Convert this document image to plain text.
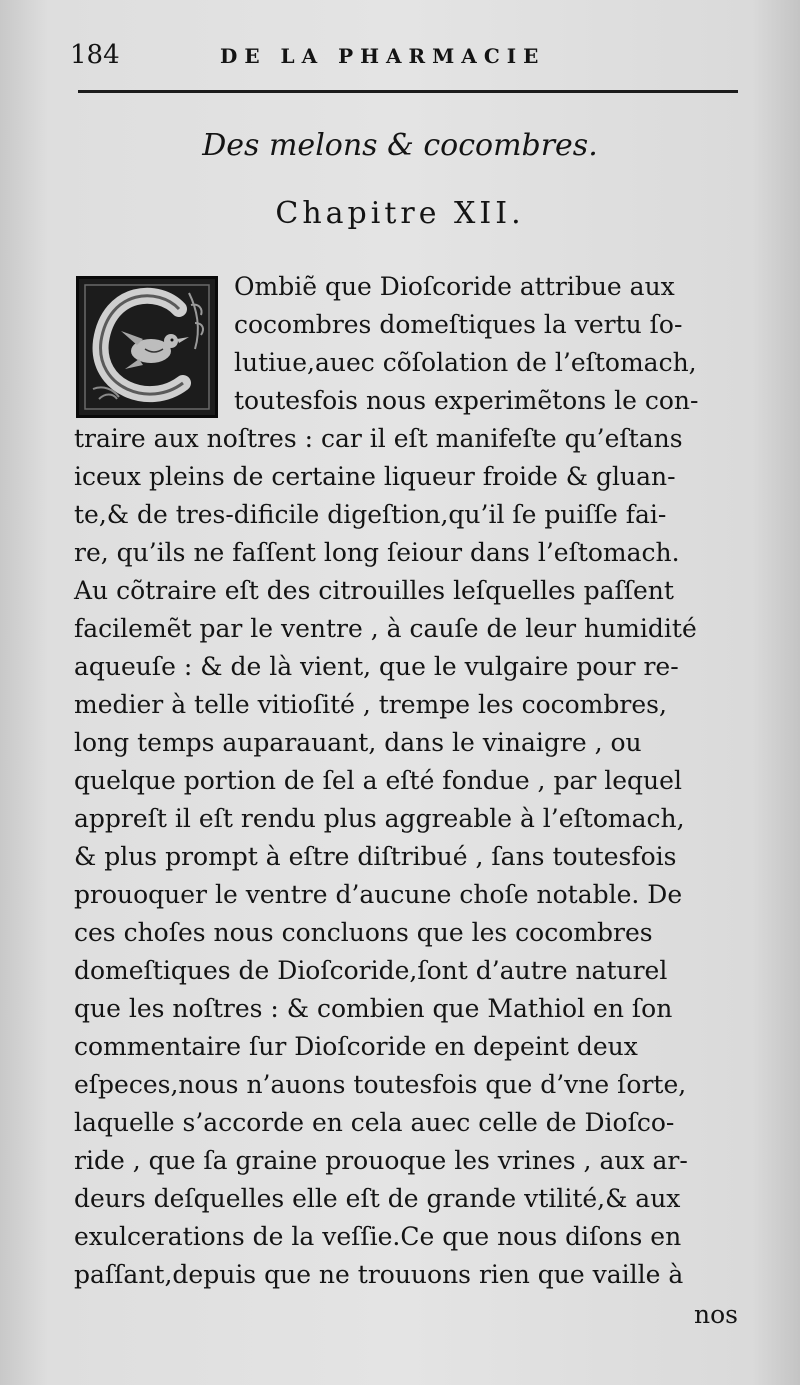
184	DE LA PHARMACIE
Des melons & cocombres.
Chapitre XII.
Ombiẽ que Dioſcoride attribue aux
cocombres domeſtiques la vertu ſo-
lutiue,auec cõſolation de l’eſtomach,
toutesfois nous experimẽtons le con-
traire aux noſtres : car il eſt manifeſte qu’eſtans
iceux pleins de certaine liqueur froide & gluan-
te,& de tres-dificile digeſtion,qu’il ſe puiſſe fai-
re, qu’ils ne faſſent long ſeiour dans l’eſtomach.
Au cõtraire eſt des citrouilles leſquelles paſſent
facilemẽt par le ventre , à cauſe de leur humidité
aqueuſe : & de là vient, que le vulgaire pour re-
medier à telle vitioſité , trempe les cocombres,
long temps auparauant, dans le vinaigre , ou
quelque portion de ſel a eſté fondue , par lequel
appreſt il eſt rendu plus aggreable à l’eſtomach,
& plus prompt à eſtre diſtribué , ſans toutesfois
prouoquer le ventre d’aucune choſe notable. De
ces choſes nous concluons que les cocombres
domeſtiques de Dioſcoride,ſont d’autre naturel
que les noſtres : & combien que Mathiol en ſon
commentaire ſur Dioſcoride en depeint deux
eſpeces,nous n’auons toutesfois que d’vne ſorte,
laquelle s’accorde en cela auec celle de Dioſco-
ride , que ſa graine prouoque les vrines , aux ar-
deurs deſquelles elle eſt de grande vtilité,& aux
exulcerations de la veſſie.Ce que nous diſons en
paſſant,depuis que ne trouuons rien que vaille à
nos
